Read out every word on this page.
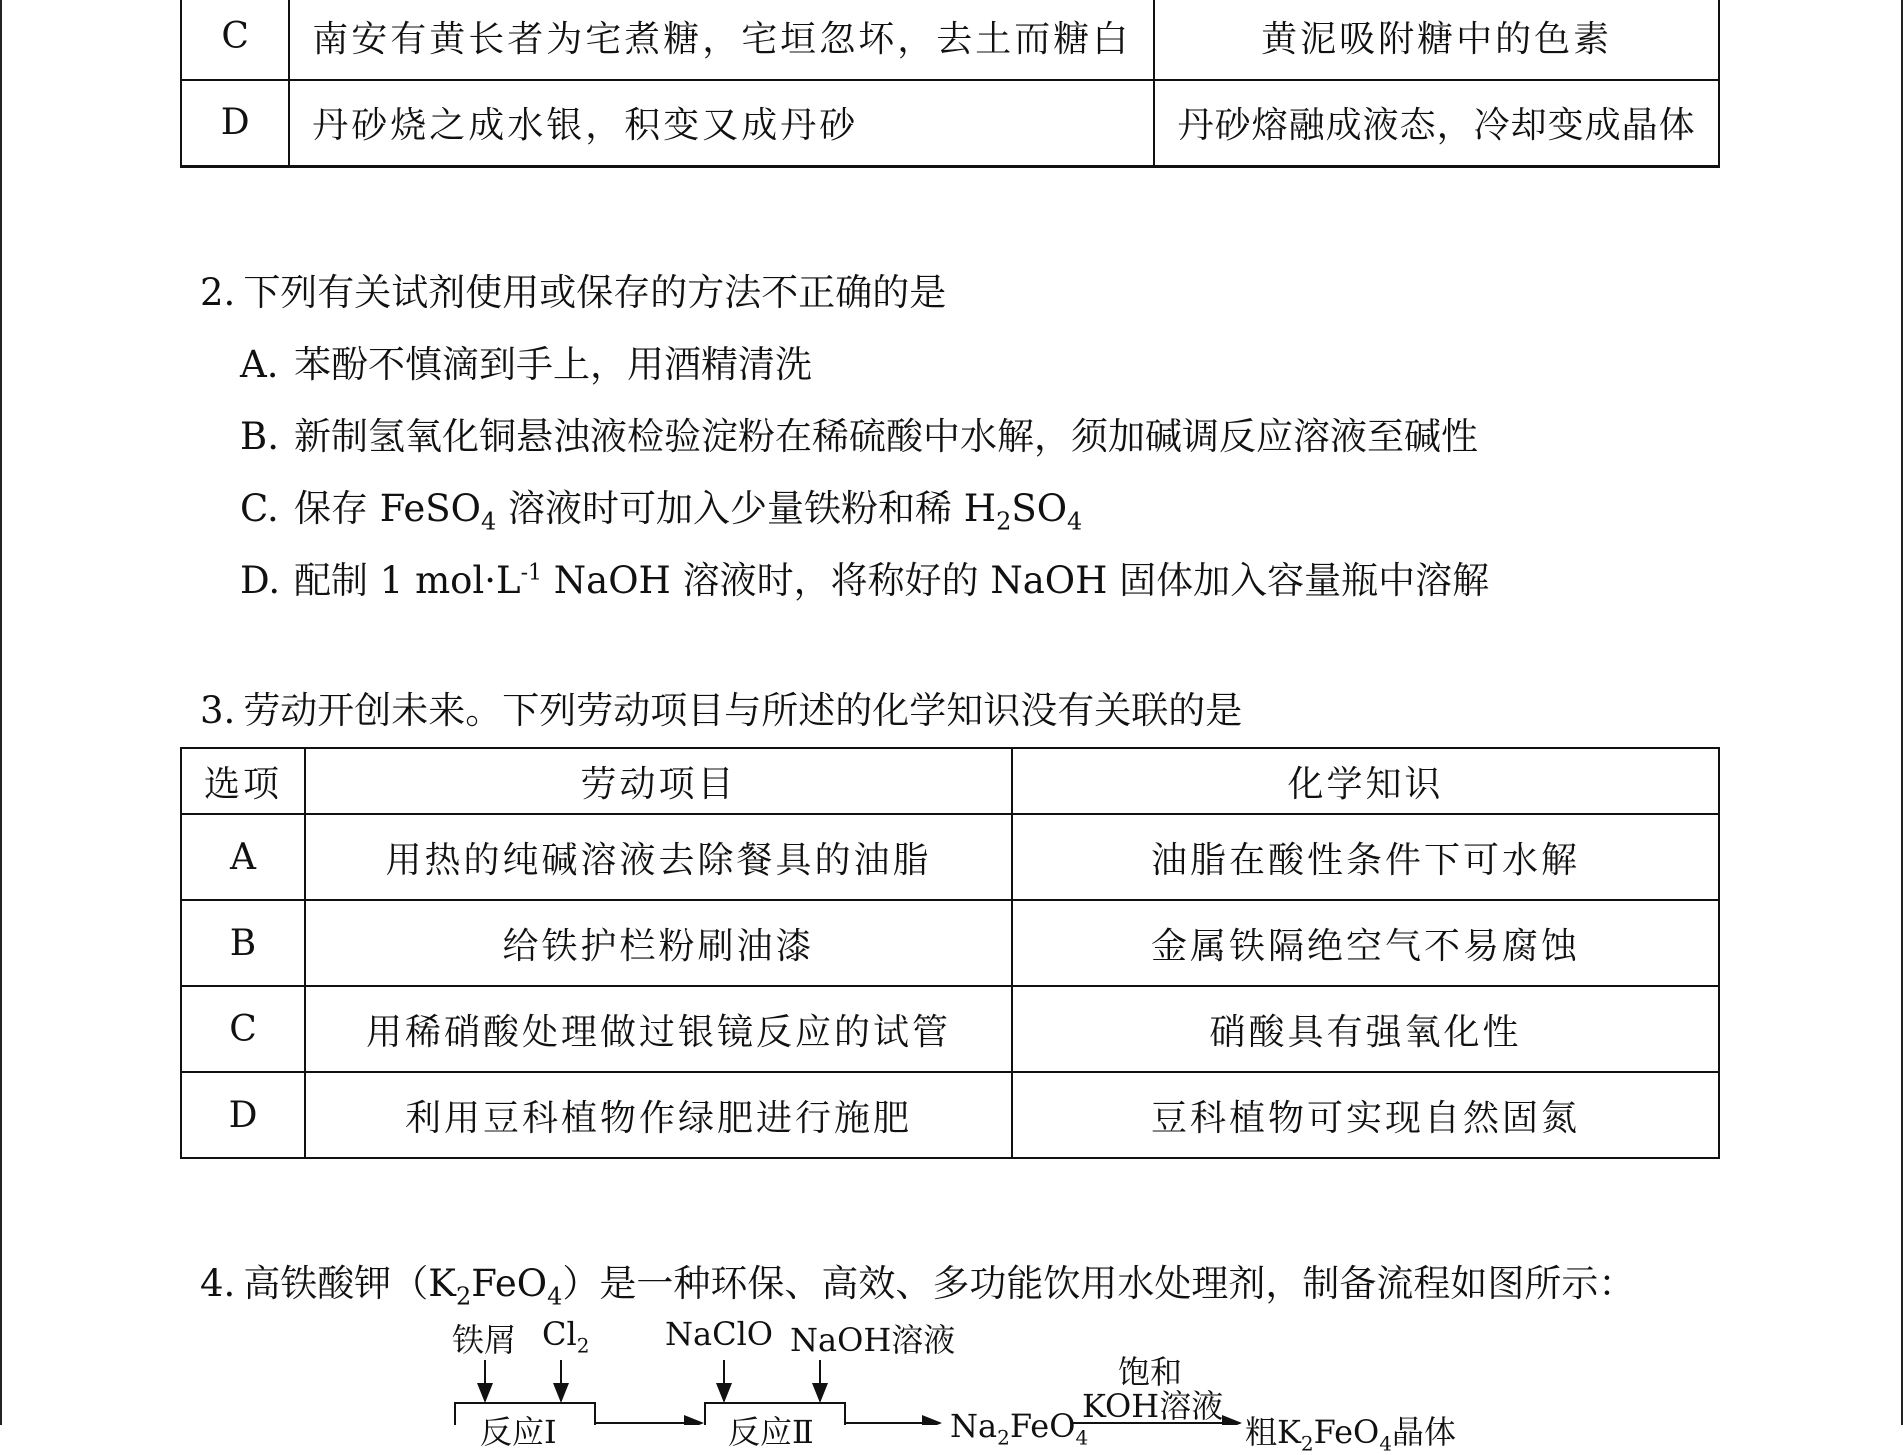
C	南安有黄长者为宅煮糖，宅垣忽坏，去土而糖白	黄泥吸附糖中的色素
D	丹砂烧之成水银，积变又成丹砂	丹砂熔融成液态，冷却变成晶体
2. 下列有关试剂使用或保存的方法不正确的是
A. 苯酚不慎滴到手上，用酒精清洗
B. 新制氢氧化铜悬浊液检验淀粉在稀硫酸中水解，须加碱调反应溶液至碱性
C. 保存 FeSO$_4$ 溶液时可加入少量铁粉和稀 $H_2SO_4$
D. 配制 1 $mol\cdot L^{-1}$ NaOH 溶液时，将称好的 NaOH 固体加入容量瓶中溶解
3. 劳动开创未来。下列劳动项目与所述的化学知识没有关联的是
选项	劳动项目	化学知识
A	用热的纯碱溶液去除餐具的油脂	油脂在酸性条件下可水解
B	给铁护栏粉刷油漆	金属铁隔绝空气不易腐蚀
C	用稀硝酸处理做过银镜反应的试管	硝酸具有强氧化性
D	利用豆科植物作绿肥进行施肥	豆科植物可实现自然固氮
4. 高铁酸钾$(K_2FeO_4)$是一种环保、高效、多功能饮用水处理剂，制备流程如图所示：
铁屑 $Cl_2$ NaClO NaOH溶液
反应Ⅰ	反应Ⅱ	$Na_2FeO_4$
饱和
KOH溶液
粗$K_2FeO_4$晶体
